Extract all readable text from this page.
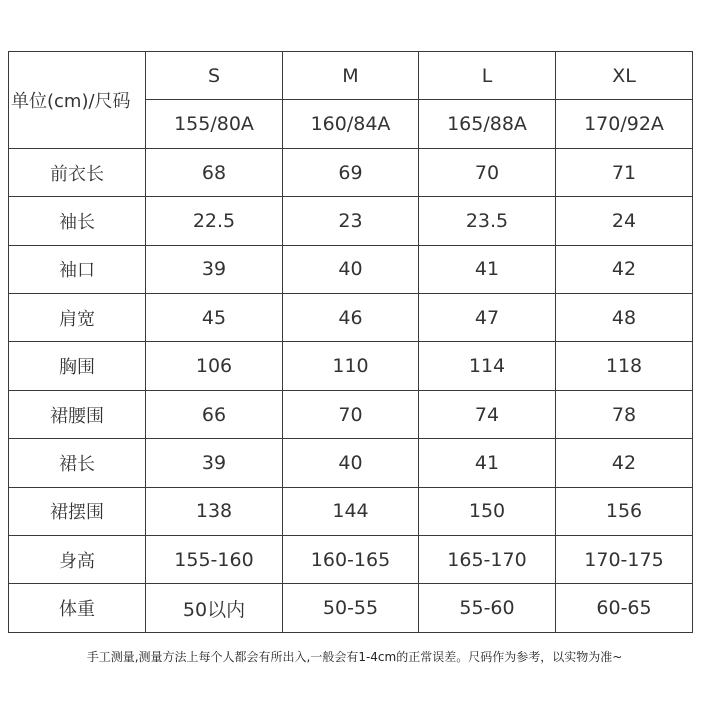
单位(cm)/尺码	S	M	L	XL
	155/80A	160/84A	165/88A	170/92A
前衣长	68	69	70	71
袖长	22.5	23	23.5	24
袖口	39	40	41	42
肩宽	45	46	47	48
胸围	106	110	114	118
裙腰围	66	70	74	78
裙长	39	40	41	42
裙摆围	138	144	150	156
身高	155-160	160-165	165-170	170-175
体重	50以内	50-55	55-60	60-65
手工测量,测量方法上每个人都会有所出入,一般会有1-4cm的正常误差。尺码作为参考，以实物为准~
